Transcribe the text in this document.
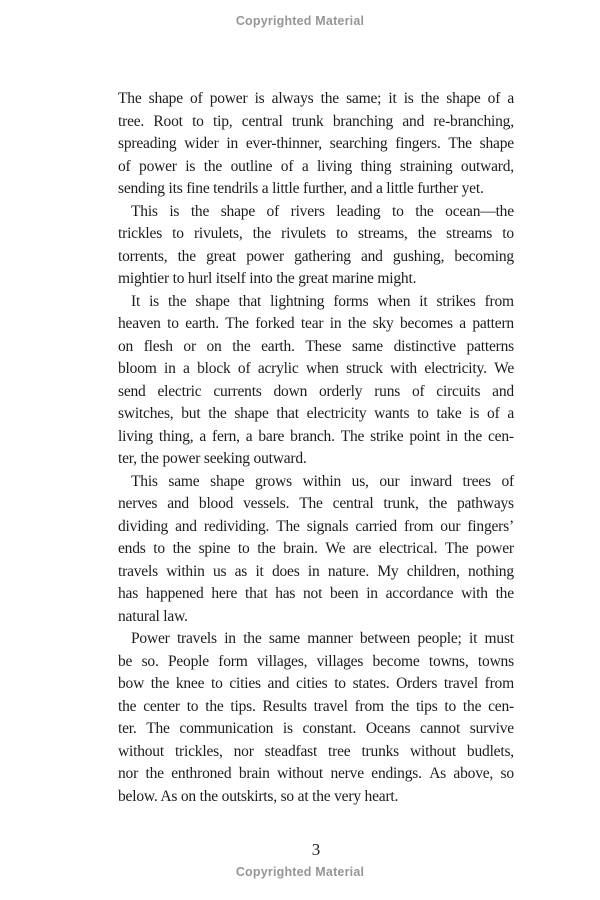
Copyrighted Material
The shape of power is always the same; it is the shape of a
tree. Root to tip, central trunk branching and re-branching,
spreading wider in ever-thinner, searching fingers. The shape
of power is the outline of a living thing straining outward,
sending its fine tendrils a little further, and a little further yet.
This is the shape of rivers leading to the ocean—the
trickles to rivulets, the rivulets to streams, the streams to
torrents, the great power gathering and gushing, becoming
mightier to hurl itself into the great marine might.
It is the shape that lightning forms when it strikes from
heaven to earth. The forked tear in the sky becomes a pattern
on flesh or on the earth. These same distinctive patterns
bloom in a block of acrylic when struck with electricity. We
send electric currents down orderly runs of circuits and
switches, but the shape that electricity wants to take is of a
living thing, a fern, a bare branch. The strike point in the cen-
ter, the power seeking outward.
This same shape grows within us, our inward trees of
nerves and blood vessels. The central trunk, the pathways
dividing and redividing. The signals carried from our fingers’
ends to the spine to the brain. We are electrical. The power
travels within us as it does in nature. My children, nothing
has happened here that has not been in accordance with the
natural law.
Power travels in the same manner between people; it must
be so. People form villages, villages become towns, towns
bow the knee to cities and cities to states. Orders travel from
the center to the tips. Results travel from the tips to the cen-
ter. The communication is constant. Oceans cannot survive
without trickles, nor steadfast tree trunks without budlets,
nor the enthroned brain without nerve endings. As above, so
below. As on the outskirts, so at the very heart.
3
Copyrighted Material
